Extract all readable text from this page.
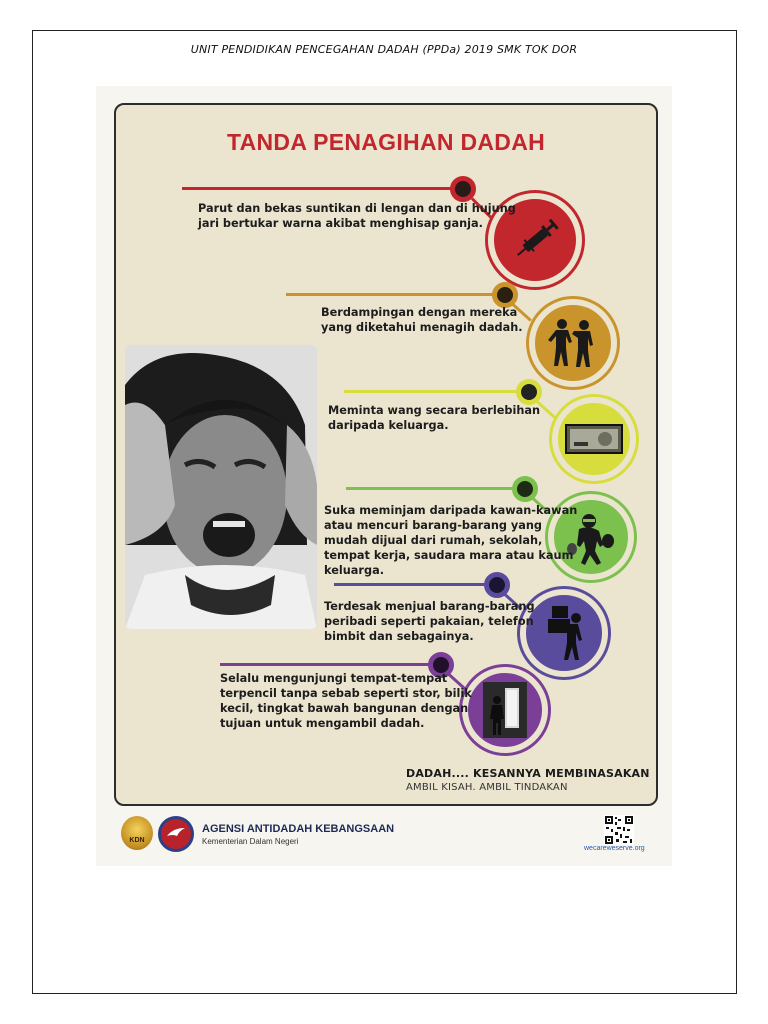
UNIT PENDIDIKAN PENCEGAHAN DADAH (PPDa) 2019 SMK TOK DOR
TANDA PENAGIHAN DADAH
Parut dan bekas suntikan di lengan dan di hujung
jari bertukar warna akibat menghisap ganja.
Berdampingan dengan mereka
yang diketahui menagih dadah.
Meminta wang secara berlebihan
daripada keluarga.
Suka meminjam daripada kawan-kawan
atau mencuri barang-barang yang
mudah dijual dari rumah, sekolah,
tempat kerja, saudara mara atau kaum
keluarga.
Terdesak menjual barang-barang
peribadi seperti pakaian, telefon
bimbit dan sebagainya.
Selalu mengunjungi tempat-tempat
terpencil tanpa sebab seperti stor, bilik
kecil, tingkat bawah bangunan dengan
tujuan untuk mengambil dadah.
DADAH.... KESANNYA MEMBINASAKAN
AMBIL KISAH. AMBIL TINDAKAN
KDN
AGENSI ANTIDADAH KEBANGSAAN
Kementerian Dalam Negeri
wecareweserve.org
